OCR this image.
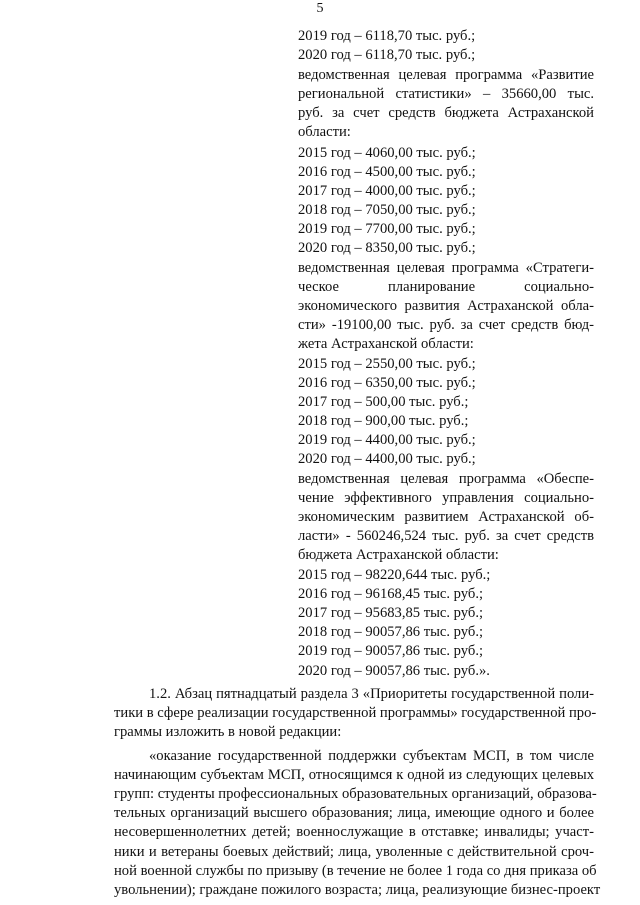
5
2019 год – 6118,70 тыс. руб.;
2020 год – 6118,70 тыс. руб.;
ведомственная целевая программа «Развитие
региональной статистики» – 35660,00 тыс.
руб. за счет средств бюджета Астраханской
области:
2015 год – 4060,00 тыс. руб.;
2016 год – 4500,00 тыс. руб.;
2017 год – 4000,00 тыс. руб.;
2018 год – 7050,00 тыс. руб.;
2019 год – 7700,00 тыс. руб.;
2020 год – 8350,00 тыс. руб.;
ведомственная целевая программа «Стратеги-
ческое планирование социально-
экономического развития Астраханской обла-
сти» -19100,00 тыс. руб. за счет средств бюд-
жета Астраханской области:
2015 год – 2550,00 тыс. руб.;
2016 год – 6350,00 тыс. руб.;
2017 год – 500,00 тыс. руб.;
2018 год – 900,00 тыс. руб.;
2019 год – 4400,00 тыс. руб.;
2020 год – 4400,00 тыс. руб.;
ведомственная целевая программа «Обеспе-
чение эффективного управления социально-
экономическим развитием Астраханской об-
ласти» - 560246,524 тыс. руб. за счет средств
бюджета Астраханской области:
2015 год – 98220,644 тыс. руб.;
2016 год – 96168,45 тыс. руб.;
2017 год – 95683,85 тыс. руб.;
2018 год – 90057,86 тыс. руб.;
2019 год – 90057,86 тыс. руб.;
2020 год – 90057,86 тыс. руб.».
1.2. Абзац пятнадцатый раздела 3 «Приоритеты государственной поли-
тики в сфере реализации государственной программы» государственной про-
граммы изложить в новой редакции:
«оказание государственной поддержки субъектам МСП, в том числе
начинающим субъектам МСП, относящимся к одной из следующих целевых
групп: студенты профессиональных образовательных организаций, образова-
тельных организаций высшего образования; лица, имеющие одного и более
несовершеннолетних детей; военнослужащие в отставке; инвалиды; участ-
ники и ветераны боевых действий; лица, уволенные с действительной сроч-
ной военной службы по призыву (в течение не более 1 года со дня приказа об
увольнении); граждане пожилого возраста; лица, реализующие бизнес-проект
